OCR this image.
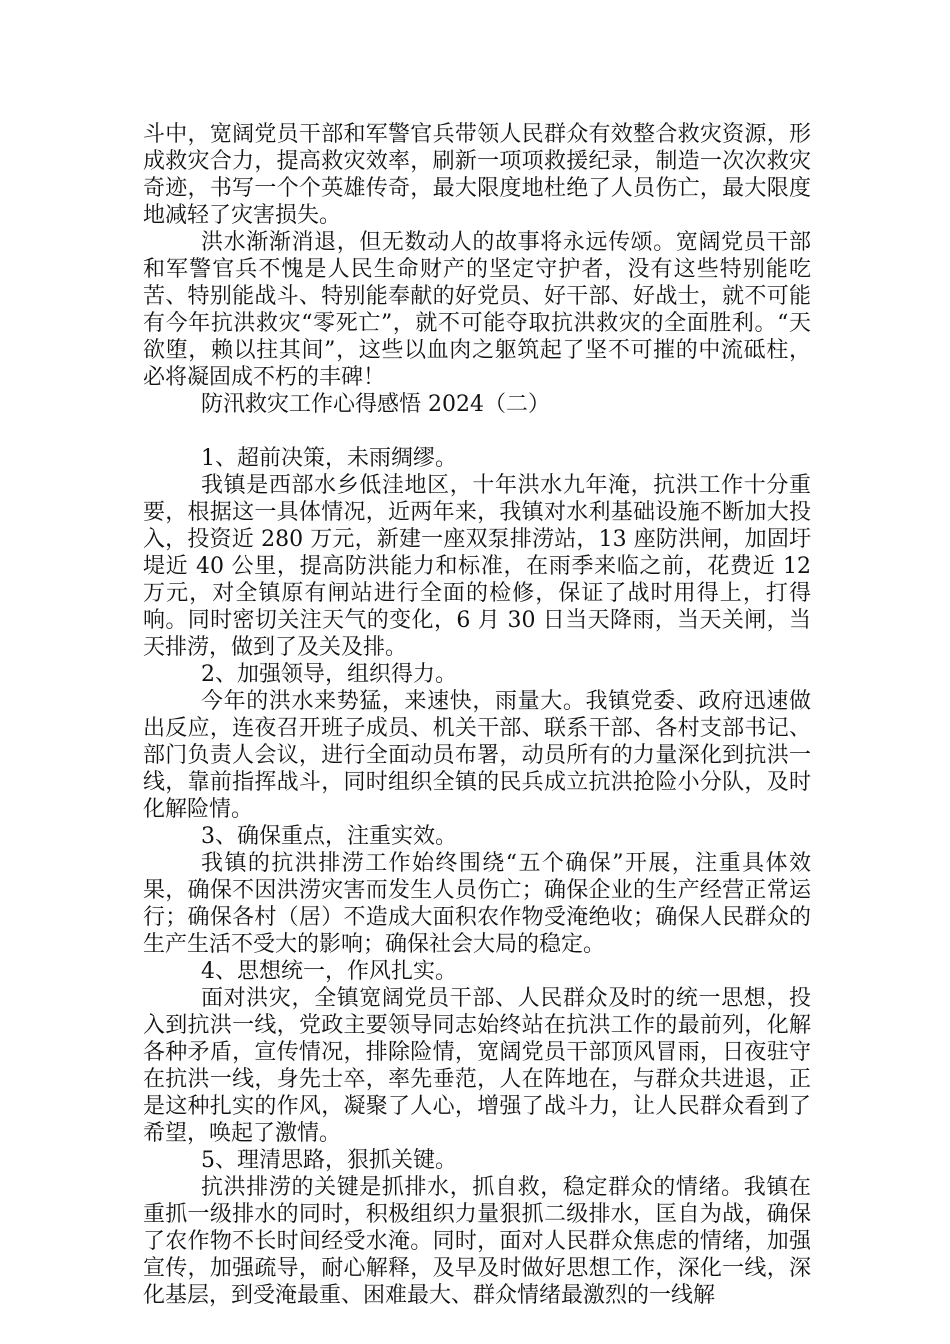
斗中，宽阔党员干部和军警官兵带领人民群众有效整合救灾资源，形成救灾合力，提高救灾效率，刷新一项项救援纪录，制造一次次救灾奇迹，书写一个个英雄传奇，最大限度地杜绝了人员伤亡，最大限度地减轻了灾害损失。

洪水渐渐消退，但无数动人的故事将永远传颂。宽阔党员干部和军警官兵不愧是人民生命财产的坚定守护者，没有这些特别能吃苦、特别能战斗、特别能奉献的好党员、好干部、好战士，就不可能有今年抗洪救灾“零死亡”，就不可能夺取抗洪救灾的全面胜利。“天欲堕，赖以拄其间”，这些以血肉之躯筑起了坚不可摧的中流砥柱，必将凝固成不朽的丰碑！

防汛救灾工作心得感悟 2024（二）

1、超前决策，未雨绸缪。

我镇是西部水乡低洼地区，十年洪水九年淹，抗洪工作十分重要，根据这一具体情况，近两年来，我镇对水利基础设施不断加大投入，投资近 280 万元，新建一座双泵排涝站，13 座防洪闸，加固圩堤近 40 公里，提高防洪能力和标准，在雨季来临之前，花费近 12 万元，对全镇原有闸站进行全面的检修，保证了战时用得上，打得响。同时密切关注天气的变化，6 月 30 日当天降雨，当天关闸，当天排涝，做到了及关及排。

2、加强领导，组织得力。

今年的洪水来势猛，来速快，雨量大。我镇党委、政府迅速做出反应，连夜召开班子成员、机关干部、联系干部、各村支部书记、部门负责人会议，进行全面动员布署，动员所有的力量深化到抗洪一线，靠前指挥战斗，同时组织全镇的民兵成立抗洪抢险小分队，及时化解险情。

3、确保重点，注重实效。

我镇的抗洪排涝工作始终围绕“五个确保”开展，注重具体效果，确保不因洪涝灾害而发生人员伤亡；确保企业的生产经营正常运行；确保各村（居）不造成大面积农作物受淹绝收；确保人民群众的生产生活不受大的影响；确保社会大局的稳定。

4、思想统一，作风扎实。

面对洪灾，全镇宽阔党员干部、人民群众及时的统一思想，投入到抗洪一线，党政主要领导同志始终站在抗洪工作的最前列，化解各种矛盾，宣传情况，排除险情，宽阔党员干部顶风冒雨，日夜驻守在抗洪一线，身先士卒，率先垂范，人在阵地在，与群众共进退，正是这种扎实的作风，凝聚了人心，增强了战斗力，让人民群众看到了希望，唤起了激情。

5、理清思路，狠抓关键。

抗洪排涝的关键是抓排水，抓自救，稳定群众的情绪。我镇在重抓一级排水的同时，积极组织力量狠抓二级排水，匡自为战，确保了农作物不长时间经受水淹。同时，面对人民群众焦虑的情绪，加强宣传，加强疏导，耐心解释，及早及时做好思想工作，深化一线，深化基层，到受淹最重、困难最大、群众情绪最激烈的一线解
